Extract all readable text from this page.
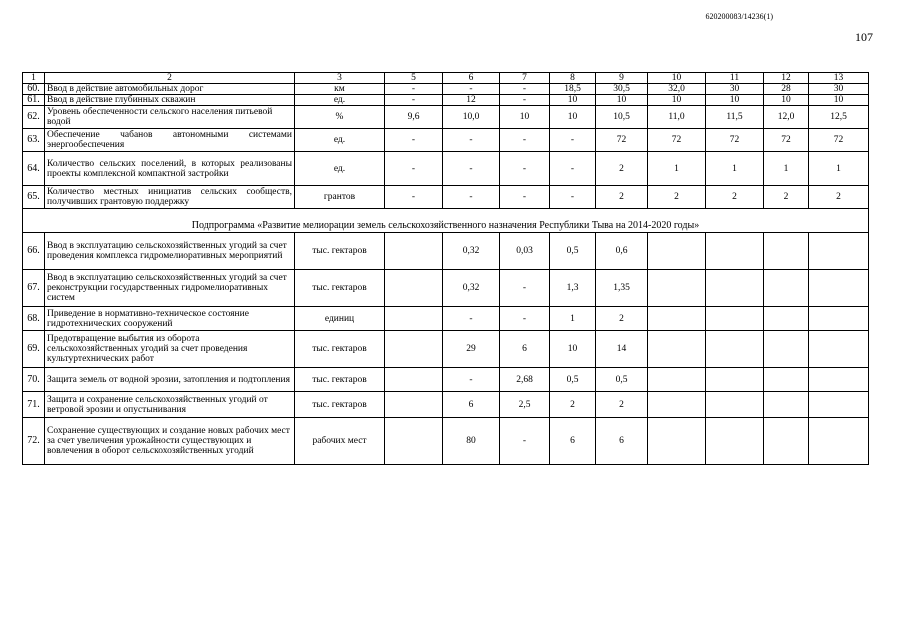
620200083/14236(1)
107
1	2	3	5	6	7	8	9	10	11	12	13
60.	Ввод в действие автомобильных дорог	км	-	-	-	18,5	30,5	32,0	30	28	30
61.	Ввод в действие глубинных скважин	ед.	-	12	-	10	10	10	10	10	10
62.	Уровень обеспеченности сельского населения питьевой водой	%	9,6	10,0	10	10	10,5	11,0	11,5	12,0	12,5
63.	Обеспечение чабанов автономными системами энергообеспечения	ед.	-	-	-	-	72	72	72	72	72
64.	Количество сельских поселений, в которых реализованы проекты комплексной компактной застройки	ед.	-	-	-	-	2	1	1	1	1
65.	Количество местных инициатив сельских сообществ, получивших грантовую поддержку	грантов	-	-	-	-	2	2	2	2	2
Подпрограмма «Развитие мелиорации земель сельскохозяйственного назначения Республики Тыва на 2014-2020 годы»											
66.	Ввод в эксплуатацию сельскохозяйственных угодий за счет проведения комплекса гидромелиоративных мероприятий	тыс. гектаров		0,32	0,03	0,5	0,6				
67.	Ввод в эксплуатацию сельскохозяйственных угодий за счет реконструкции государственных гидромелиоративных систем	тыс. гектаров		0,32	-	1,3	1,35				
68.	Приведение в нормативно-техническое состояние гидротехнических сооружений	единиц		-	-	1	2				
69.	Предотвращение выбытия из оборота сельскохозяйственных угодий за счет проведения культуртехнических работ	тыс. гектаров		29	6	10	14				
70.	Защита земель от водной эрозии, затопления и подтопления	тыс. гектаров		-	2,68	0,5	0,5				
71.	Защита и сохранение сельскохозяйственных угодий от ветровой эрозии и опустынивания	тыс. гектаров		6	2,5	2	2				
72.	Сохранение существующих и создание новых рабочих мест за счет увеличения урожайности существующих и вовлечения в оборот сельскохозяйственных угодий	рабочих мест		80	-	6	6				
